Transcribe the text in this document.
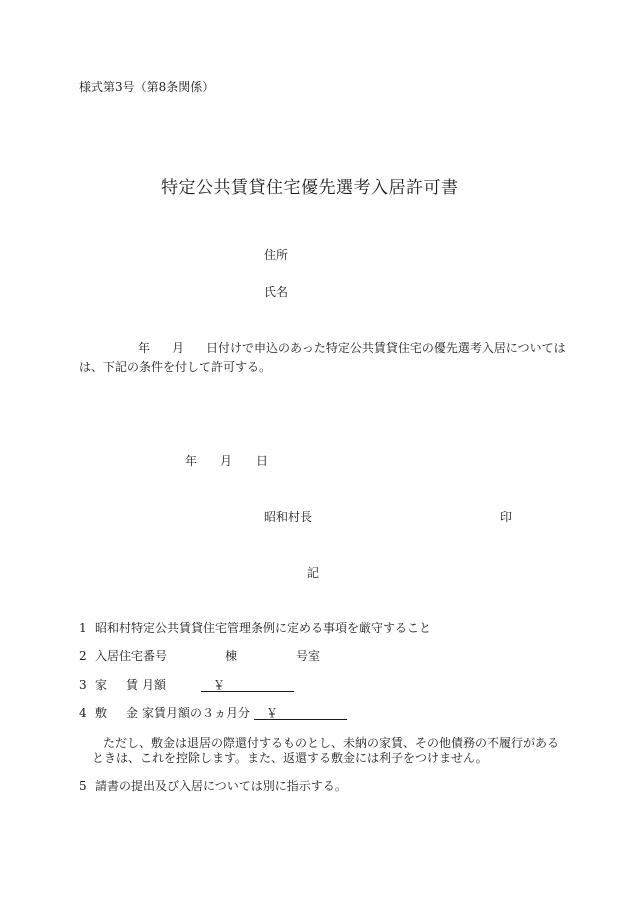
様式第3号（第8条関係）
特定公共賃貸住宅優先選考入居許可書
住所
氏名
年 月 日付けで申込のあった特定公共賃貸住宅の優先選考入居については
は、下記の条件を付して許可する。
年 月 日
昭和村長	印
記
1 昭和村特定公共賃貸住宅管理条例に定める事項を厳守すること
2 入居住宅番号	棟	号室
3 家 賃 月額	￥
4 敷 金 家賃月額の３ヵ月分 ￥
ただし、敷金は退居の際還付するものとし、未納の家賃、その他債務の不履行がある
ときは、これを控除します。また、返還する敷金には利子をつけません。
5 請書の提出及び入居については別に指示する。
